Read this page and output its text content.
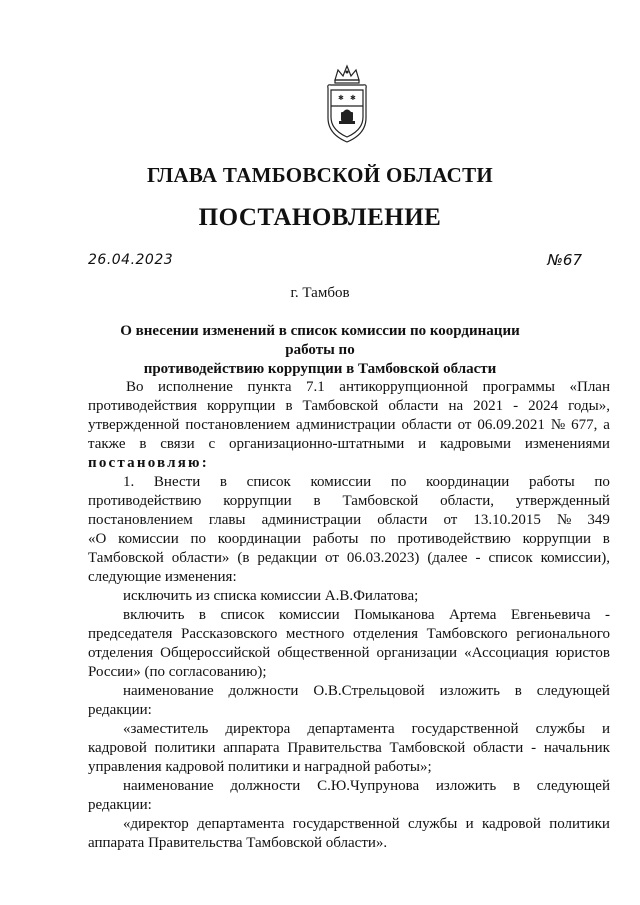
✱ ✱
ГЛАВА ТАМБОВСКОЙ ОБЛАСТИ
ПОСТАНОВЛЕНИЕ
26.04.2023	№67
г. Тамбов
О внесении изменений в список комиссии по координации работы по
противодействию коррупции в Тамбовской области
Во исполнение пункта 7.1 антикоррупционной программы «План
противодействия коррупции в Тамбовской области на 2021 - 2024 годы»,
утвержденной постановлением администрации области от 06.09.2021 № 677, а
также в связи с организационно-штатными и кадровыми изменениями
постановляю:
1. Внести в список комиссии по координации работы по
противодействию коррупции в Тамбовской области, утвержденный
постановлением главы администрации области от 13.10.2015 № 349
«О комиссии по координации работы по противодействию коррупции в
Тамбовской области» (в редакции от 06.03.2023) (далее - список комиссии),
следующие изменения:
исключить из списка комиссии А.В.Филатова;
включить в список комиссии Помыканова Артема Евгеньевича -
председателя Рассказовского местного отделения Тамбовского регионального
отделения Общероссийской общественной организации «Ассоциация юристов
России» (по согласованию);
наименование должности О.В.Стрельцовой изложить в следующей
редакции:
«заместитель директора департамента государственной службы и
кадровой политики аппарата Правительства Тамбовской области - начальник
управления кадровой политики и наградной работы»;
наименование должности С.Ю.Чупрунова изложить в следующей
редакции:
«директор департамента государственной службы и кадровой политики
аппарата Правительства Тамбовской области».
